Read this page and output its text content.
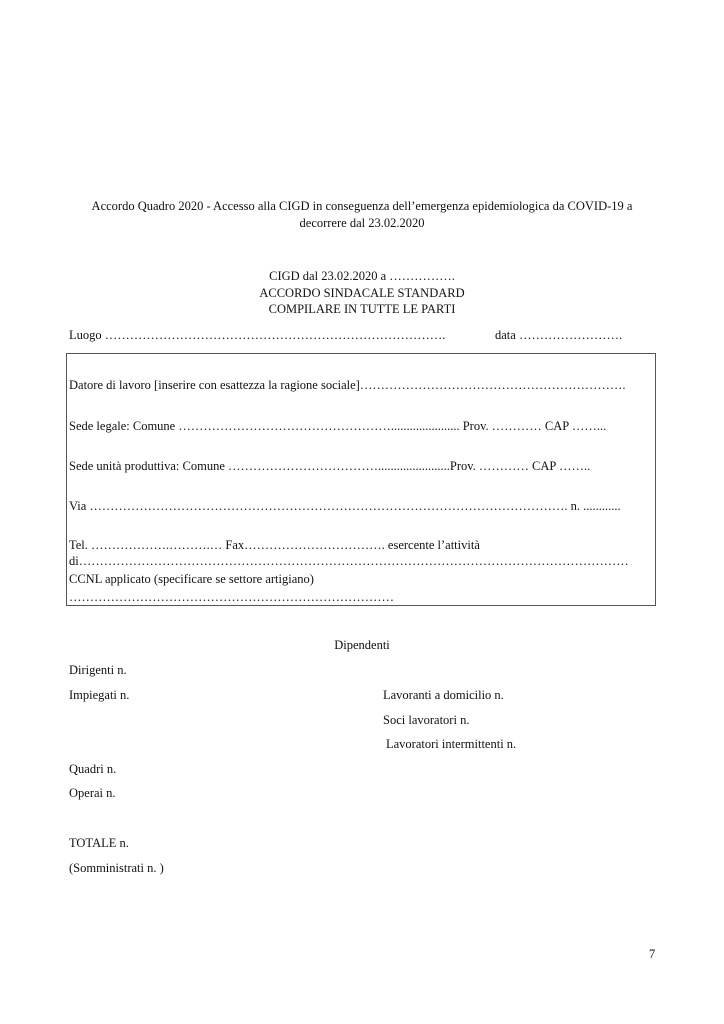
Accordo Quadro 2020 - Accesso alla CIGD in conseguenza dell’emergenza epidemiologica da COVID-19 a
decorrere dal 23.02.2020
CIGD dal 23.02.2020 a …………….
ACCORDO SINDACALE STANDARD
COMPILARE IN TUTTE LE PARTI
Luogo ……………………………………………………………………….	data …………………….
Datore di lavoro [inserire con esattezza la ragione sociale]……………………………………………………….
Sede legale: Comune ……………………………………………...................... Prov. ………… CAP ……...
Sede unità produttiva: Comune ……………………………….......................Prov. ………… CAP ……..
Via ……………………………………………………………………………………………………. n. ............
Tel. ……………….……….… Fax……………………………. esercente l’attività
di……………………………………………………………………………………………………………………
CCNL applicato (specificare se settore artigiano)
……………………………………………………………………
Dipendenti
Dirigenti n.
Impiegati n.	Lavoranti a domicilio n.
Soci lavoratori n.
Lavoratori intermittenti n.
Quadri n.
Operai n.
TOTALE n.
(Somministrati n. )
7
